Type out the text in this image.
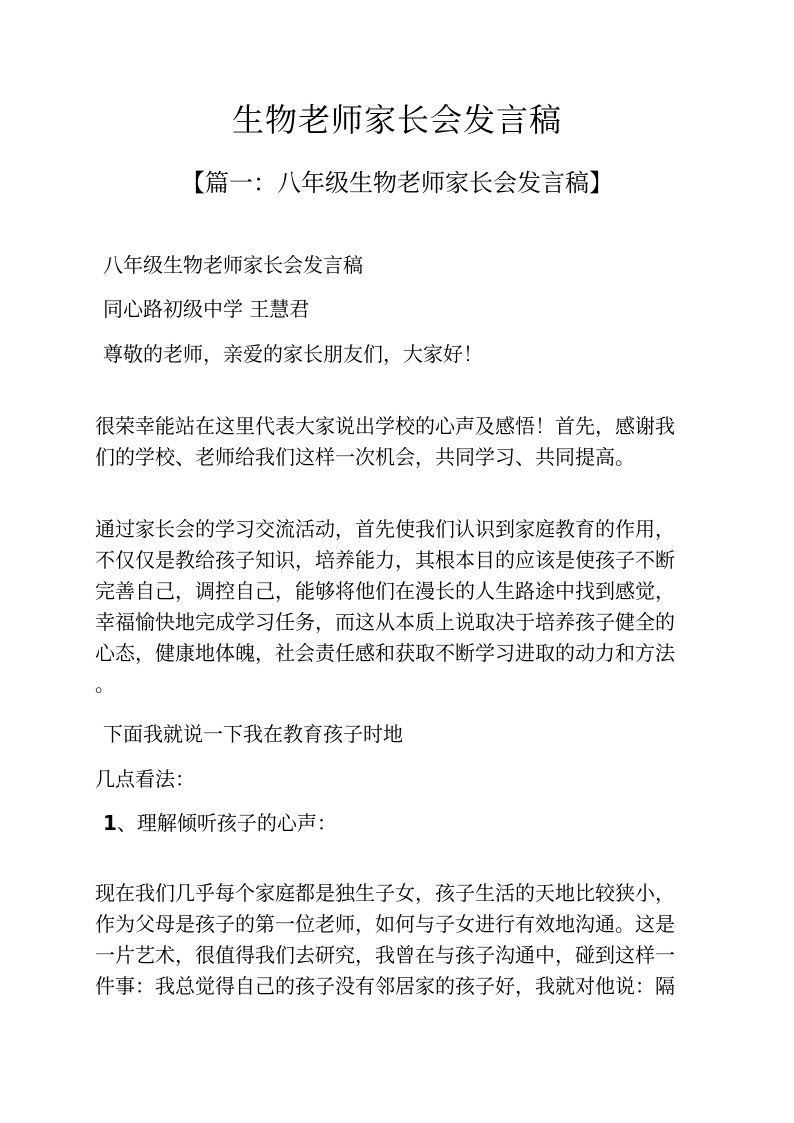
生物老师家长会发言稿
【篇一：八年级生物老师家长会发言稿】
八年级生物老师家长会发言稿
同心路初级中学 王慧君
尊敬的老师，亲爱的家长朋友们，大家好！

很荣幸能站在这里代表大家说出学校的心声及感悟！首先，感谢我

们的学校、老师给我们这样一次机会，共同学习、共同提高。

通过家长会的学习交流活动，首先使我们认识到家庭教育的作用，

不仅仅是教给孩子知识，培养能力，其根本目的应该是使孩子不断

完善自己，调控自己，能够将他们在漫长的人生路途中找到感觉，

幸福愉快地完成学习任务，而这从本质上说取决于培养孩子健全的

心态，健康地体魄，社会责任感和获取不断学习进取的动力和方法

。

下面我就说一下我在教育孩子时地
几点看法：
1、理解倾听孩子的心声：

现在我们几乎每个家庭都是独生子女，孩子生活的天地比较狭小，

作为父母是孩子的第一位老师，如何与子女进行有效地沟通。这是

一片艺术，很值得我们去研究，我曾在与孩子沟通中，碰到这样一

件事：我总觉得自己的孩子没有邻居家的孩子好，我就对他说：隔
